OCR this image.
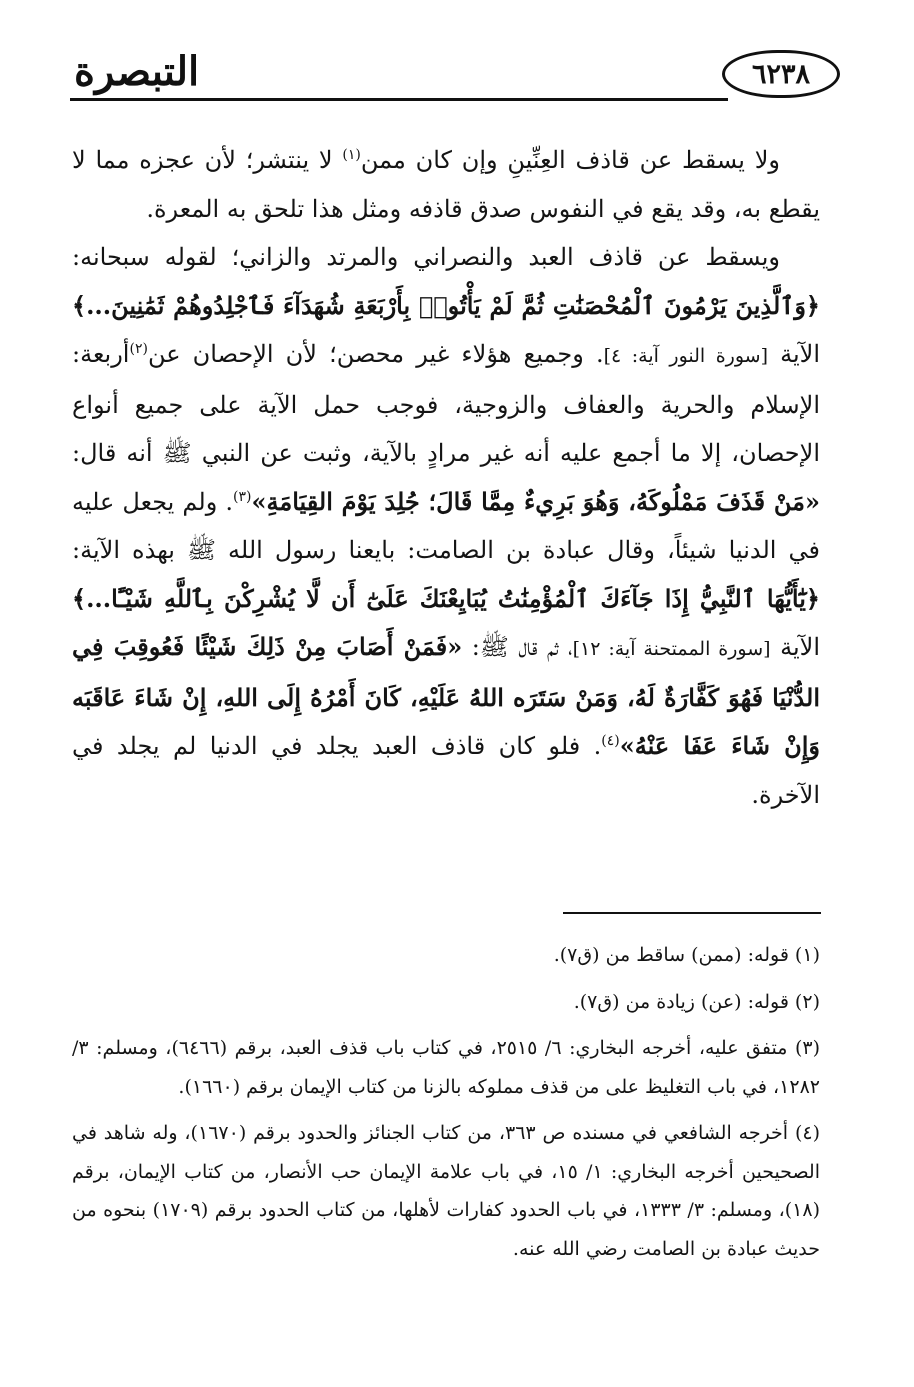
التبصرة	٦٢٣٨

ولا يسقط عن قاذف العِنِّينِ وإن كان ممن$^{(١)}$ لا ينتشر؛ لأن عجزه مما لا يقطع به، وقد يقع في النفوس صدق قاذفه ومثل هذا تلحق به المعرة.

ويسقط عن قاذف العبد والنصراني والمرتد والزاني؛ لقوله سبحانه: ﴿وَٱلَّذِينَ يَرْمُونَ ٱلْمُحْصَنَٰتِ ثُمَّ لَمْ يَأْتُوا۟ بِأَرْبَعَةِ شُهَدَآءَ فَٱجْلِدُوهُمْ ثَمَٰنِينَ...﴾ الآية [سورة النور آية: ٤]. وجميع هؤلاء غير محصن؛ لأن الإحصان عن$^{(٢)}$أربعة: الإسلام والحرية والعفاف والزوجية، فوجب حمل الآية على جميع أنواع الإحصان، إلا ما أجمع عليه أنه غير مرادٍ بالآية، وثبت عن النبي ﷺ أنه قال: «مَنْ قَذَفَ مَمْلُوكَهُ، وَهُوَ بَرِيءٌ مِمَّا قَالَ؛ جُلِدَ يَوْمَ القِيَامَةِ»$^{(٣)}$. ولم يجعل عليه في الدنيا شيئاً، وقال عبادة بن الصامت: بايعنا رسول الله ﷺ بهذه الآية: ﴿يَٰٓأَيُّهَا ٱلنَّبِيُّ إِذَا جَآءَكَ ٱلْمُؤْمِنَٰتُ يُبَايِعْنَكَ عَلَىٰٓ أَن لَّا يُشْرِكْنَ بِٱللَّهِ شَيْـًٔا...﴾ الآية [سورة الممتحنة آية: ١٢]، ثم قال ﷺ: «فَمَنْ أَصَابَ مِنْ ذَلِكَ شَيْئًا فَعُوقِبَ فِي الدُّنْيَا فَهُوَ كَفَّارَةٌ لَهُ، وَمَنْ سَتَرَه اللهُ عَلَيْهِ، كَانَ أَمْرُهُ إِلَى اللهِ، إِنْ شَاءَ عَاقَبَه وَإِنْ شَاءَ عَفَا عَنْهُ»$^{(٤)}$. فلو كان قاذف العبد يجلد في الدنيا لم يجلد في الآخرة.

(١) قوله: (ممن) ساقط من (ق٧).

(٢) قوله: (عن) زيادة من (ق٧).

(٣) متفق عليه، أخرجه البخاري: ٦/ ٢٥١٥، في كتاب باب قذف العبد، برقم (٦٤٦٦)، ومسلم: ٣/ ١٢٨٢، في باب التغليظ على من قذف مملوكه بالزنا من كتاب الإيمان برقم (١٦٦٠).

(٤) أخرجه الشافعي في مسنده ص ٣٦٣، من كتاب الجنائز والحدود برقم (١٦٧٠)، وله شاهد في الصحيحين أخرجه البخاري: ١/ ١٥، في باب علامة الإيمان حب الأنصار، من كتاب الإيمان، برقم (١٨)، ومسلم: ٣/ ١٣٣٣، في باب الحدود كفارات لأهلها، من كتاب الحدود برقم (١٧٠٩) بنحوه من حديث عبادة بن الصامت رضي الله عنه.
